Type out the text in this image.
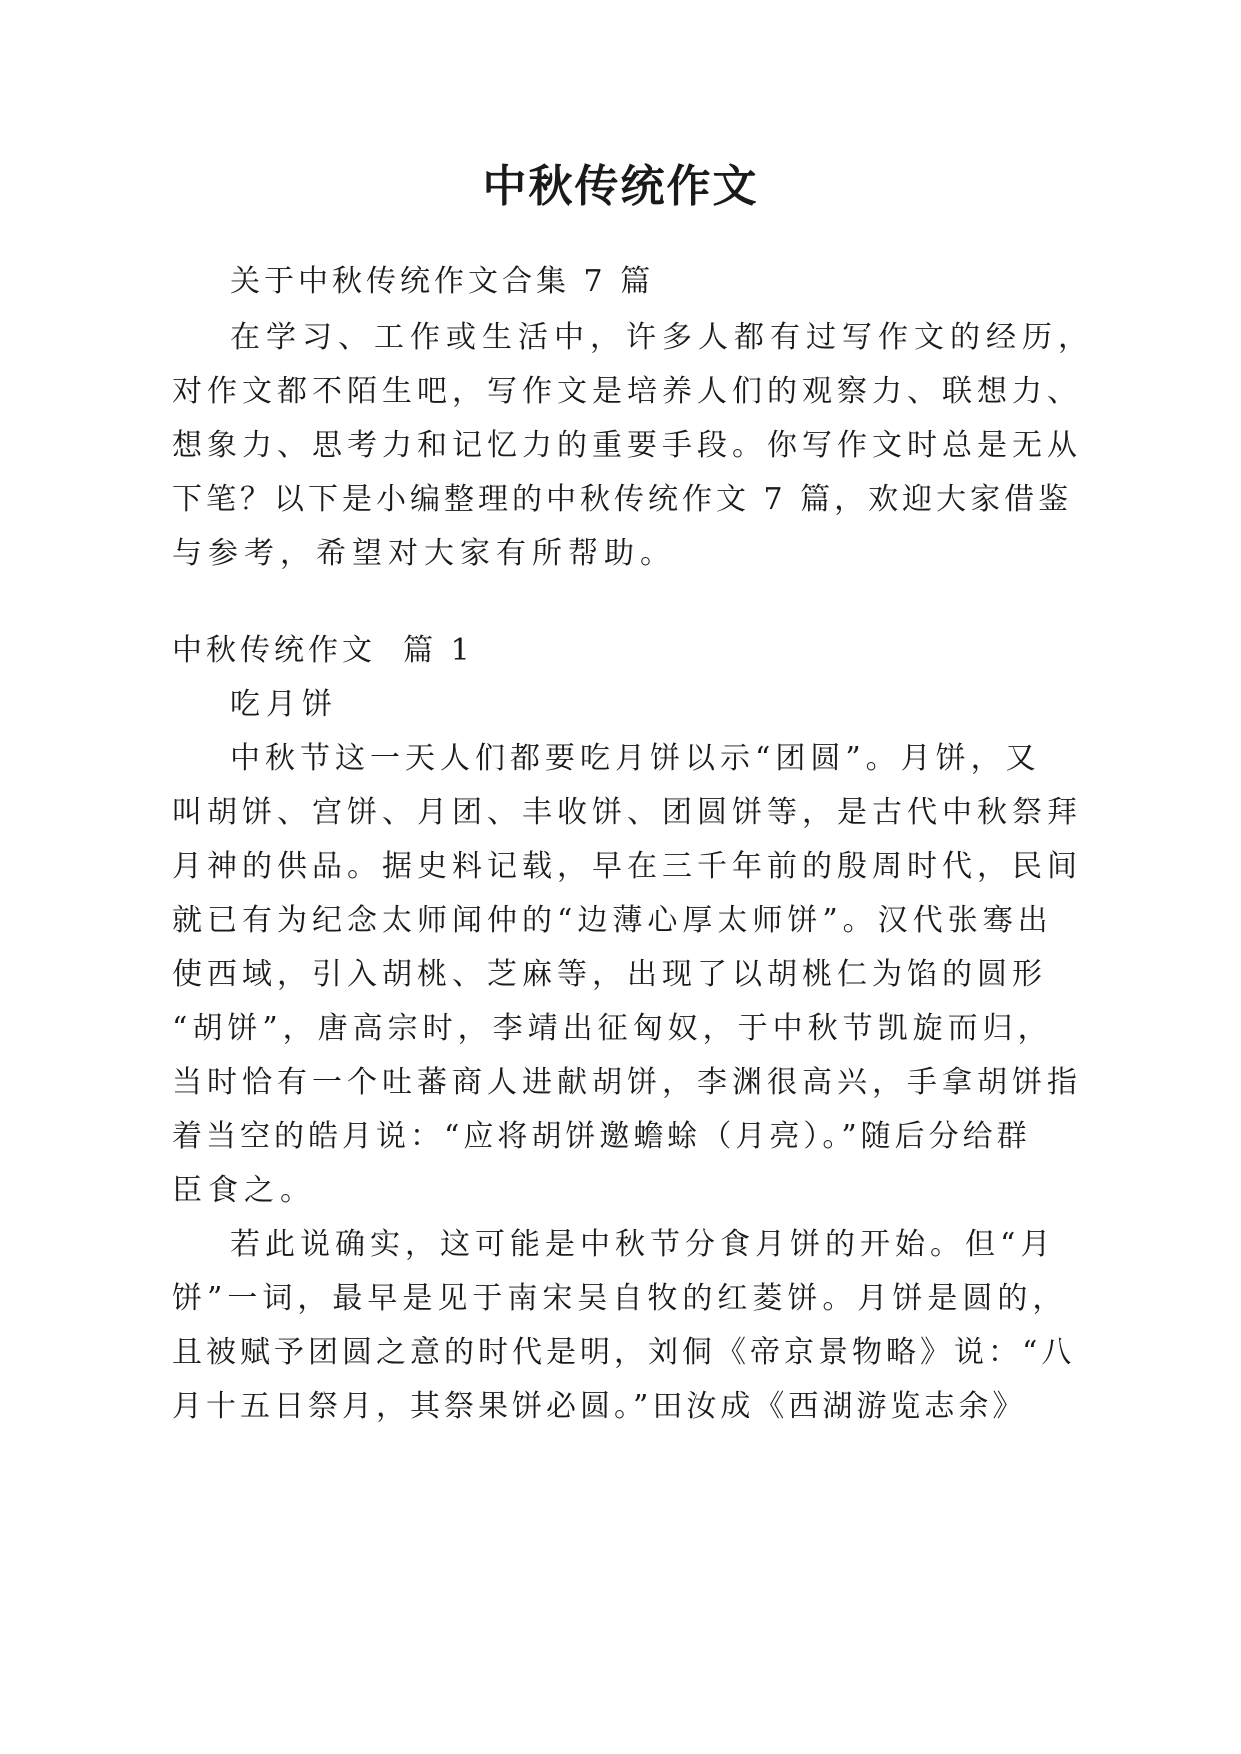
中秋传统作文

关于中秋传统作文合集 7 篇

在学习、工作或生活中，许多人都有过写作文的经历，

对作文都不陌生吧，写作文是培养人们的观察力、联想力、

想象力、思考力和记忆力的重要手段。你写作文时总是无从

下笔？以下是小编整理的中秋传统作文 7 篇，欢迎大家借鉴

与参考，希望对大家有所帮助。

中秋传统作文  篇 1

吃月饼

中秋节这一天人们都要吃月饼以示“团圆”。月饼，又

叫胡饼、宫饼、月团、丰收饼、团圆饼等，是古代中秋祭拜

月神的供品。据史料记载，早在三千年前的殷周时代，民间

就已有为纪念太师闻仲的“边薄心厚太师饼”。汉代张骞出

使西域，引入胡桃、芝麻等，出现了以胡桃仁为馅的圆形

“胡饼”，唐高宗时，李靖出征匈奴，于中秋节凯旋而归，

当时恰有一个吐蕃商人进献胡饼，李渊很高兴，手拿胡饼指

着当空的皓月说：“应将胡饼邀蟾蜍（月亮）。”随后分给群

臣食之。

若此说确实，这可能是中秋节分食月饼的开始。但“月

饼”一词，最早是见于南宋吴自牧的红菱饼。月饼是圆的，

且被赋予团圆之意的时代是明，刘侗《帝京景物略》说：“八

月十五日祭月，其祭果饼必圆。”田汝成《西湖游览志余》
